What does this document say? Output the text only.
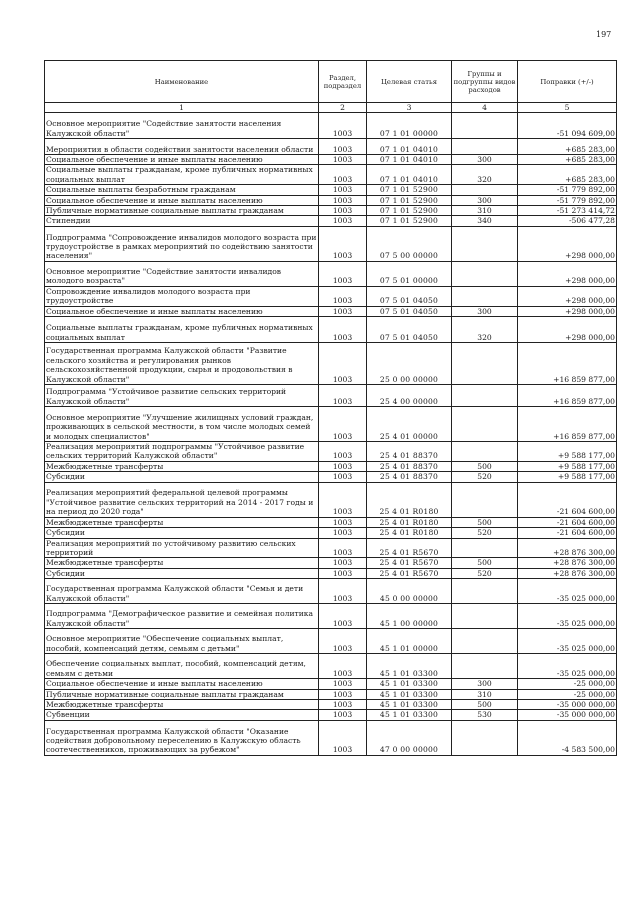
197
Наименование	Раздел, подраздел	Целевая статья	Группы и подгруппы видов расходов	Поправки (+/-)
1	2	3	4	5
Основное мероприятие "Содействие занятости населения Калужской области"	1003	07 1 01 00000		-51 094 609,00
Мероприятия в области содействия занятости населения области	1003	07 1 01 04010		+685 283,00
Социальное обеспечение и иные выплаты населению	1003	07 1 01 04010	300	+685 283,00
Социальные выплаты гражданам, кроме публичных нормативных социальных выплат	1003	07 1 01 04010	320	+685 283,00
Социальные выплаты безработным гражданам	1003	07 1 01 52900		-51 779 892,00
Социальное обеспечение и иные выплаты населению	1003	07 1 01 52900	300	-51 779 892,00
Публичные нормативные социальные выплаты гражданам	1003	07 1 01 52900	310	-51 273 414,72
Стипендии	1003	07 1 01 52900	340	-506 477,28
Подпрограмма "Сопровождение инвалидов молодого возраста при трудоустройстве в рамках мероприятий по содействию занятости населения"	1003	07 5 00 00000		+298 000,00
Основное мероприятие "Содействие занятости инвалидов молодого возраста"	1003	07 5 01 00000		+298 000,00
Сопровождение инвалидов молодого возраста при трудоустройстве	1003	07 5 01 04050		+298 000,00
Социальное обеспечение и иные выплаты населению	1003	07 5 01 04050	300	+298 000,00
Социальные выплаты гражданам, кроме публичных нормативных социальных выплат	1003	07 5 01 04050	320	+298 000,00
Государственная программа Калужской области "Развитие сельского хозяйства и регулирования рынков сельскохозяйственной продукции, сырья и продовольствия в Калужской области"	1003	25 0 00 00000		+16 859 877,00
Подпрограмма "Устойчивое развитие сельских территорий Калужской области"	1003	25 4 00 00000		+16 859 877,00
Основное мероприятие "Улучшение жилищных условий граждан, проживающих в сельской местности, в том числе молодых семей и молодых специалистов"	1003	25 4 01 00000		+16 859 877,00
Реализация мероприятий подпрограммы "Устойчивое развитие сельских территорий Калужской области"	1003	25 4 01 88370		+9 588 177,00
Межбюджетные трансферты	1003	25 4 01 88370	500	+9 588 177,00
Субсидии	1003	25 4 01 88370	520	+9 588 177,00
Реализация мероприятий федеральной целевой программы "Устойчивое развитие сельских территорий на 2014 - 2017 годы и на период до 2020 года"	1003	25 4 01 R0180		-21 604 600,00
Межбюджетные трансферты	1003	25 4 01 R0180	500	-21 604 600,00
Субсидии	1003	25 4 01 R0180	520	-21 604 600,00
Реализация мероприятий по устойчивому развитию сельских территорий	1003	25 4 01 R5670		+28 876 300,00
Межбюджетные трансферты	1003	25 4 01 R5670	500	+28 876 300,00
Субсидии	1003	25 4 01 R5670	520	+28 876 300,00
Государственная программа Калужской области "Семья и дети Калужской области"	1003	45 0 00 00000		-35 025 000,00
Подпрограмма "Демографическое развитие и семейная политика Калужской области"	1003	45 1 00 00000		-35 025 000,00
Основное мероприятие "Обеспечение социальных выплат, пособий, компенсаций детям, семьям с детьми"	1003	45 1 01 00000		-35 025 000,00
Обеспечение социальных выплат, пособий, компенсаций детям, семьям с детьми	1003	45 1 01 03300		-35 025 000,00
Социальное обеспечение и иные выплаты населению	1003	45 1 01 03300	300	-25 000,00
Публичные нормативные социальные выплаты гражданам	1003	45 1 01 03300	310	-25 000,00
Межбюджетные трансферты	1003	45 1 01 03300	500	-35 000 000,00
Субвенции	1003	45 1 01 03300	530	-35 000 000,00
Государственная программа Калужской области "Оказание содействия добровольному переселению в Калужскую область соотечественников, проживающих за рубежом"	1003	47 0 00 00000		-4 583 500,00
